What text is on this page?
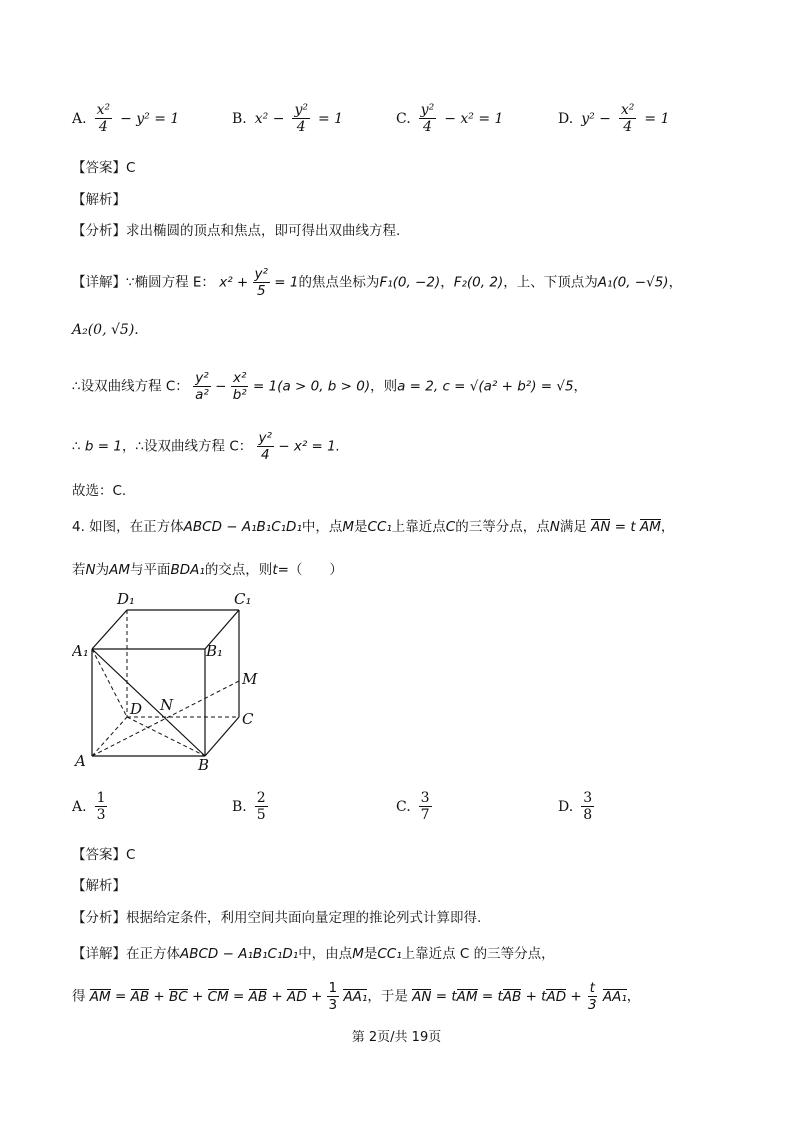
A. $\frac{\text{x²}}{4} - y^2 = 1$	B. $x^2 - \frac{\text{y²}}{4} = 1$	C. $\frac{\text{y²}}{4} - x^2 = 1$	D. $y^2 - \frac{\text{x²}}{4} = 1$
【答案】C
【解析】
【分析】求出椭圆的顶点和焦点，即可得出双曲线方程.
【详解】∵椭圆方程 E： $x^2 + \frac{\text{y²}}{5} = 1$的焦点坐标为F₁(0, −2)，F₂(0, 2)，上、下顶点为A₁(0, −√5)，
A₂(0, √5).
∴设双曲线方程 C： $\frac{\text{y²}}{\text{a²}} - \frac{\text{x²}}{\text{b²}} = 1(a > 0$, b > 0)，则a = 2, c = √(a² + b²) = √5，
∴ b = 1，∴设双曲线方程 C： $\frac{\text{y²}}{4} - x^2 = 1$.
故选：C.
4. 如图，在正方体ABCD − A₁B₁C₁D₁中，点M是CC₁上靠近点C的三等分点，点N满足 AN = t AM，
若N为AM与平面BDA₁的交点，则t=（　　）
D₁	C₁
A₁	B₁
M
D N
C
A	B
A. $\frac{1}{3}$	B. $\frac{2}{5}$	C. $\frac{3}{7}$	D. $\frac{3}{8}$
【答案】C
【解析】
【分析】根据给定条件，利用空间共面向量定理的推论列式计算即得.
【详解】在正方体ABCD − A₁B₁C₁D₁中，由点M是CC₁上靠近点 C 的三等分点，
得 AM = AB + BC + CM = AB + AD + $\frac{1}{3} AA_1$，于是 AN = tAM = tAB + tAD + $\frac{t}{3} AA_1$，
第 2页/共 19页
